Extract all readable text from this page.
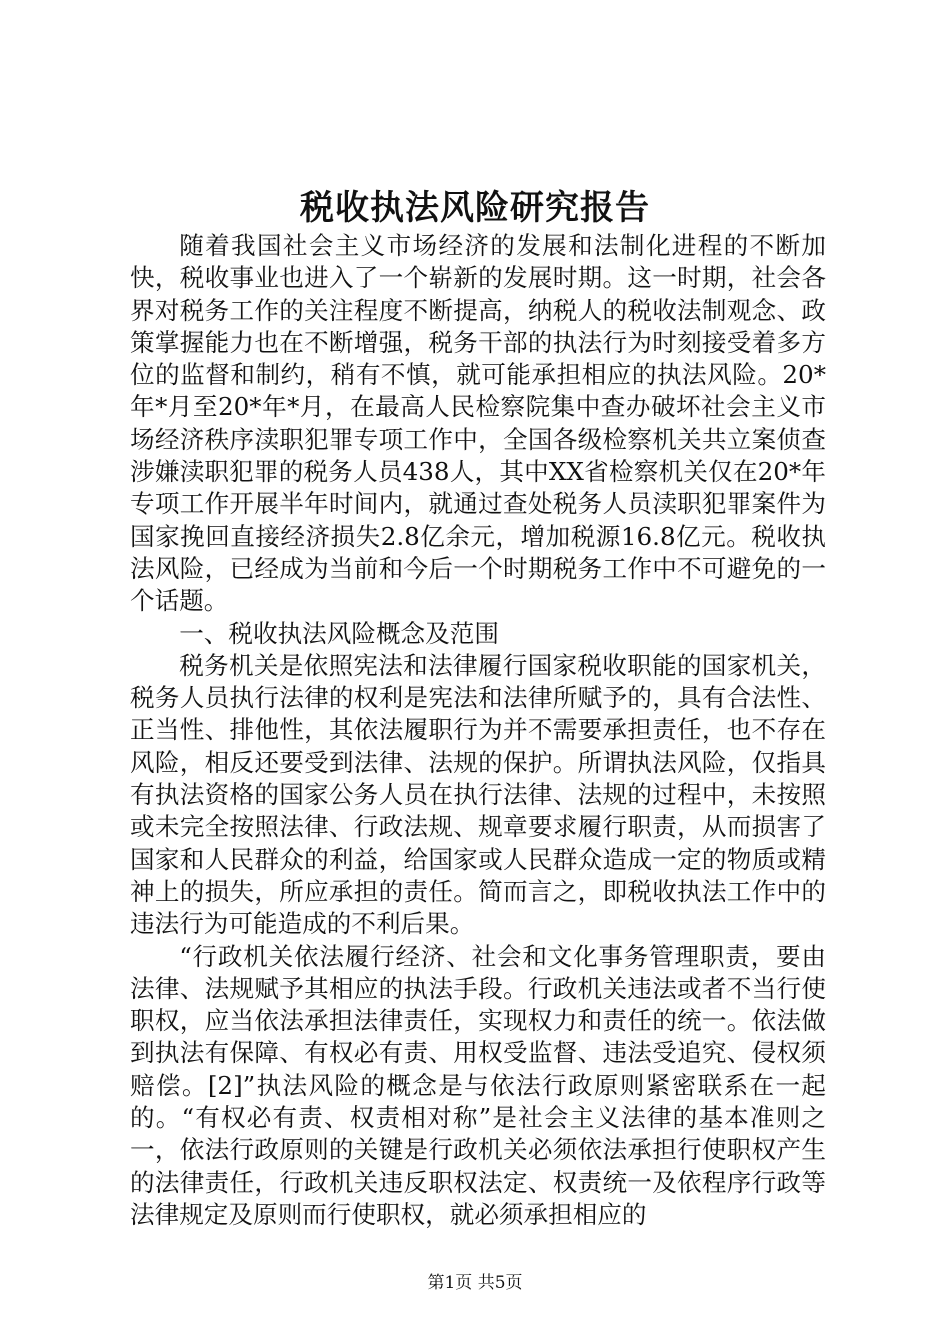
税收执法风险研究报告

随着我国社会主义市场经济的发展和法制化进程的不断加快，税收事业也进入了一个崭新的发展时期。这一时期，社会各界对税务工作的关注程度不断提高，纳税人的税收法制观念、政策掌握能力也在不断增强，税务干部的执法行为时刻接受着多方位的监督和制约，稍有不慎，就可能承担相应的执法风险。20*年*月至20*年*月，在最高人民检察院集中查办破坏社会主义市场经济秩序渎职犯罪专项工作中，全国各级检察机关共立案侦查涉嫌渎职犯罪的税务人员438人，其中XX省检察机关仅在20*年专项工作开展半年时间内，就通过查处税务人员渎职犯罪案件为国家挽回直接经济损失2.8亿余元，增加税源16.8亿元。税收执法风险，已经成为当前和今后一个时期税务工作中不可避免的一个话题。

一、税收执法风险概念及范围

税务机关是依照宪法和法律履行国家税收职能的国家机关，税务人员执行法律的权利是宪法和法律所赋予的，具有合法性、正当性、排他性，其依法履职行为并不需要承担责任，也不存在风险，相反还要受到法律、法规的保护。所谓执法风险，仅指具有执法资格的国家公务人员在执行法律、法规的过程中，未按照或未完全按照法律、行政法规、规章要求履行职责，从而损害了国家和人民群众的利益，给国家或人民群众造成一定的物质或精神上的损失，所应承担的责任。简而言之，即税收执法工作中的违法行为可能造成的不利后果。

“行政机关依法履行经济、社会和文化事务管理职责，要由法律、法规赋予其相应的执法手段。行政机关违法或者不当行使职权，应当依法承担法律责任，实现权力和责任的统一。依法做到执法有保障、有权必有责、用权受监督、违法受追究、侵权须赔偿。[2]”执法风险的概念是与依法行政原则紧密联系在一起的。“有权必有责、权责相对称”是社会主义法律的基本准则之一，依法行政原则的关键是行政机关必须依法承担行使职权产生的法律责任，行政机关违反职权法定、权责统一及依程序行政等法律规定及原则而行使职权，就必须承担相应的

第1页 共5页
